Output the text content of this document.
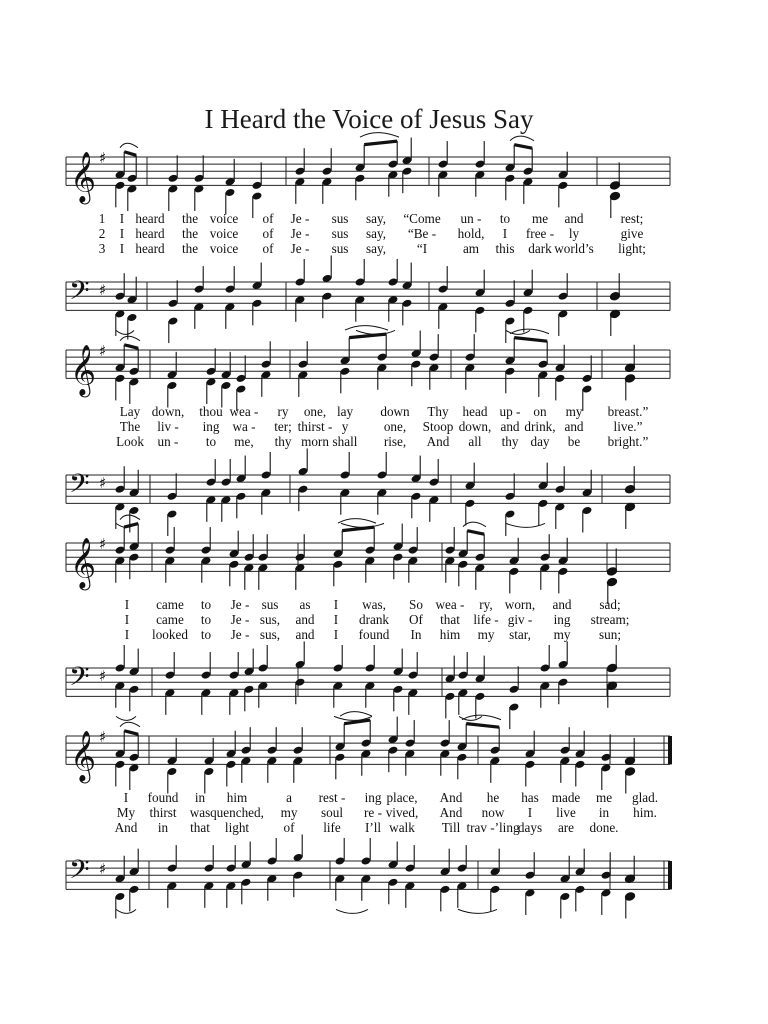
I Heard the Voice of Jesus Say
𝄞
𝄢
♯
♯
1 I heard the voice of Je - sus say, “Come un - to me and	rest;
2 I heard the voice of Je - sus say, “Be - hold, I free - ly	give
3 I heard the voice of Je - sus say, “I	am this dark world’s light;
𝄞
𝄢
♯
♯
Lay down, thou wea - ry one, lay down Thy head up - on my breast.”
The liv - ing wa - ter; thirst - y	one, Stoop down, and drink, and live.”
Look un - to me, thy morn shall rise, And all thy day be bright.”
𝄞
𝄢
♯
♯
I came to Je - sus as I was, So wea - ry, worn, and sad;
I came to Je - sus, and I drank Of that life - giv - ing stream;
I looked to Je - sus, and I found In him my star, my sun;
𝄞
𝄢
♯
♯
I found in him	a rest - ing place, And he has made me glad.
My thirst was quenched, my soul re - vived, And now I live in him.
And in that light	of life I’ll walk Till trav -’ling
days are done.
